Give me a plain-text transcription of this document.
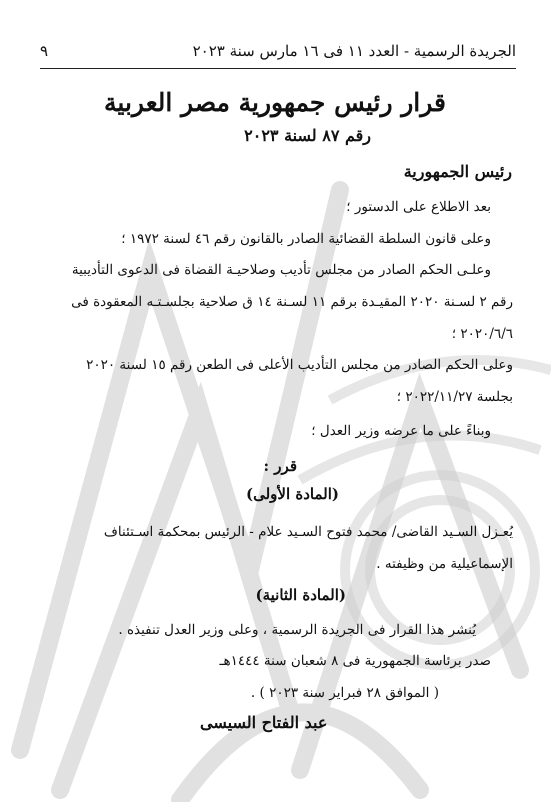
الجريدة الرسمية - العدد ١١ فى ١٦ مارس سنة ٢٠٢٣
٩
قرار رئيس جمهورية مصر العربية
رقم ٨٧ لسنة ٢٠٢٣
رئيس الجمهورية
بعد الاطلاع على الدستور ؛
وعلى قانون السلطة القضائية الصادر بالقانون رقم ٤٦ لسنة ١٩٧٢ ؛
وعلـى الحكم الصادر من مجلس تأديب وصلاحيـة القضاة فى الدعوى التأديبية
رقم ٢ لسـنة ٢٠٢٠ المقيـدة برقم ١١ لسـنة ١٤ ق صلاحية بجلسـتـه المعقودة فى
٢٠٢٠/٦/٦ ؛
وعلى الحكم الصادر من مجلس التأديب الأعلى فى الطعن رقم ١٥ لسنة ٢٠٢٠
بجلسة ٢٠٢٢/١١/٢٧ ؛
وبناءً على ما عرضه وزير العدل ؛
قرر :
(المادة الأولى)
يُعـزل السـيد القاضى/ محمد فتوح السـيد علام - الرئيس بمحكمة اسـتئناف
الإسماعيلية من وظيفته .
(المادة الثانية)
يُنشر هذا القرار فى الجريدة الرسمية ، وعلى وزير العدل تنفيذه .
صدر برئاسة الجمهورية فى ٨ شعبان سنة ١٤٤٤هـ
( الموافق ٢٨ فبراير سنة ٢٠٢٣ ) .
عبد الفتاح السيسى
